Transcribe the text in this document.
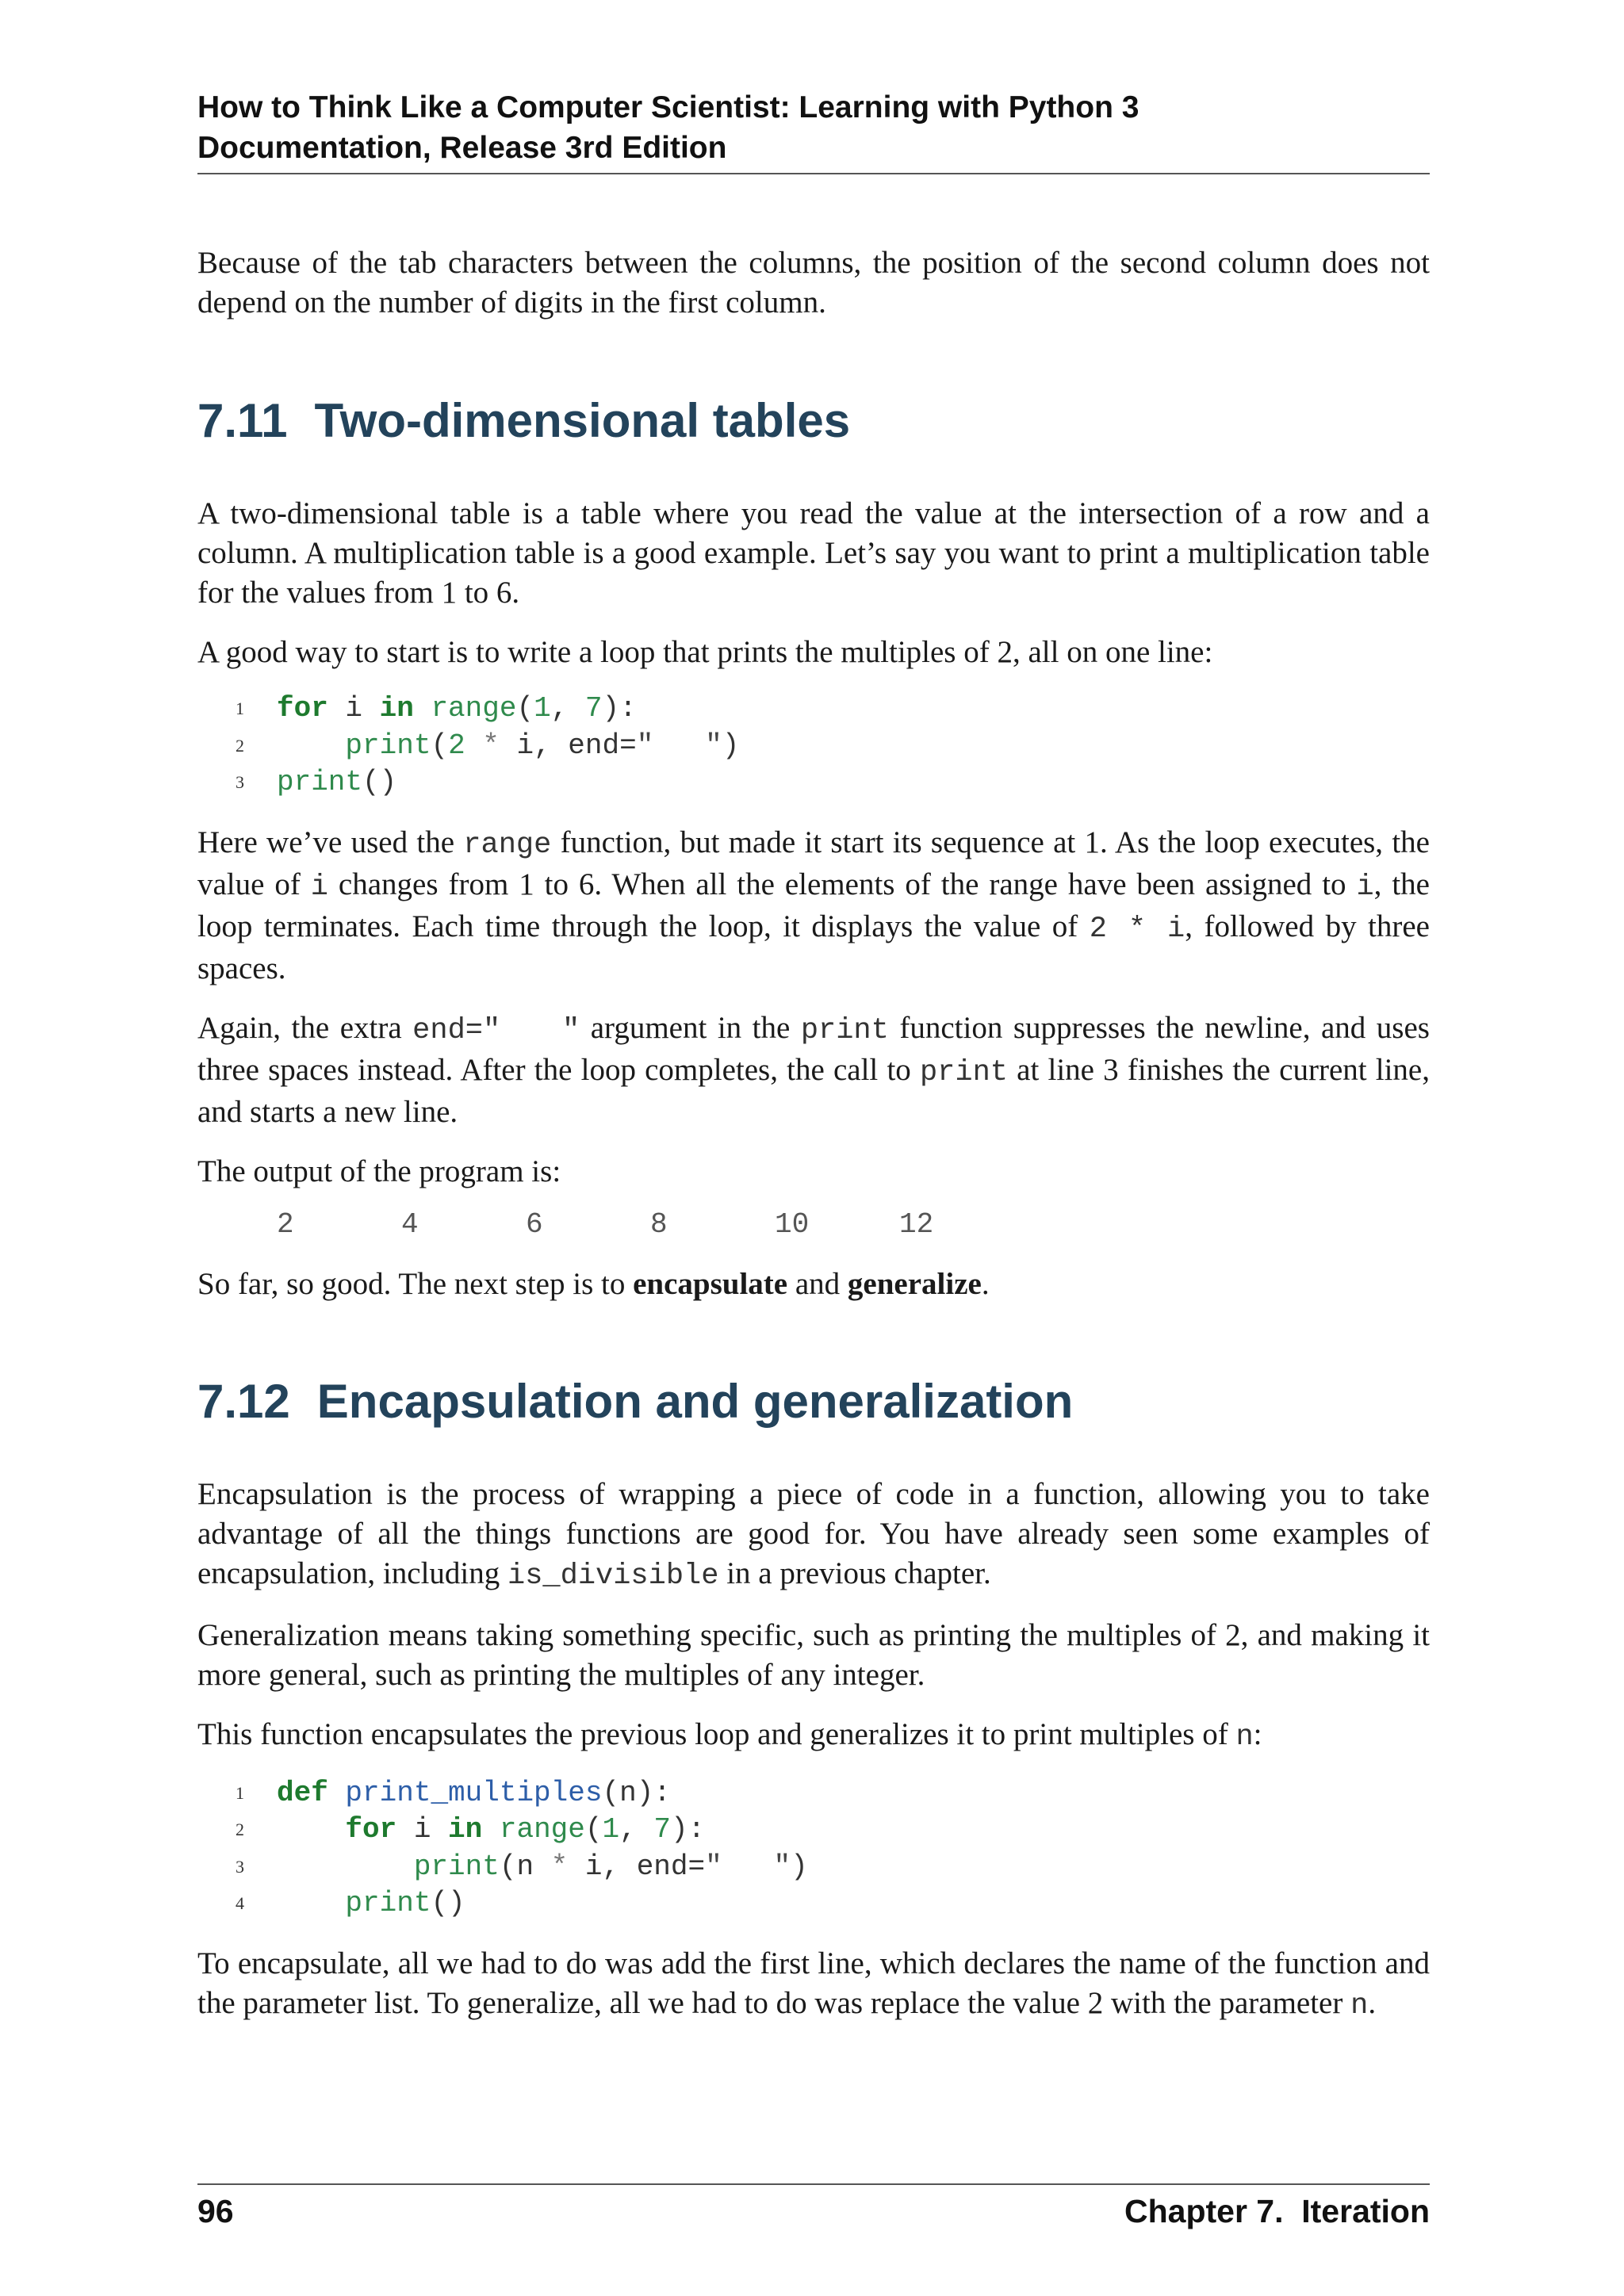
How to Think Like a Computer Scientist: Learning with Python 3
Documentation, Release 3rd Edition

Because of the tab characters between the columns, the position of the second column does not depend on the number of digits in the first column.

7.11 Two-dimensional tables

A two-dimensional table is a table where you read the value at the intersection of a row and a column. A multiplication table is a good example. Let’s say you want to print a multiplication table for the values from 1 to 6.

A good way to start is to write a loop that prints the multiples of 2, all on one line:

1 for i in range(1, 7):
2	print(2 * i, end="   ")
3 print()

Here we’ve used the range function, but made it start its sequence at 1. As the loop executes, the value of i changes from 1 to 6. When all the elements of the range have been assigned to i, the loop terminates. Each time through the loop, it displays the value of 2 * i, followed by three spaces.

Again, the extra end="   " argument in the print function suppresses the newline, and uses three spaces instead. After the loop completes, the call to print at line 3 finishes the current line, and starts a new line.

The output of the program is:

2	4	6	8	10	12

So far, so good. The next step is to encapsulate and generalize.

7.12 Encapsulation and generalization

Encapsulation is the process of wrapping a piece of code in a function, allowing you to take advantage of all the things functions are good for. You have already seen some examples of encapsulation, including is_divisible in a previous chapter.

Generalization means taking something specific, such as printing the multiples of 2, and making it more general, such as printing the multiples of any integer.

This function encapsulates the previous loop and generalizes it to print multiples of n:

1 def print_multiples(n):
2	for i in range(1, 7):
3	print(n * i, end="   ")
4	print()

To encapsulate, all we had to do was add the first line, which declares the name of the function and the parameter list. To generalize, all we had to do was replace the value 2 with the parameter n.

96	Chapter 7.  Iteration
